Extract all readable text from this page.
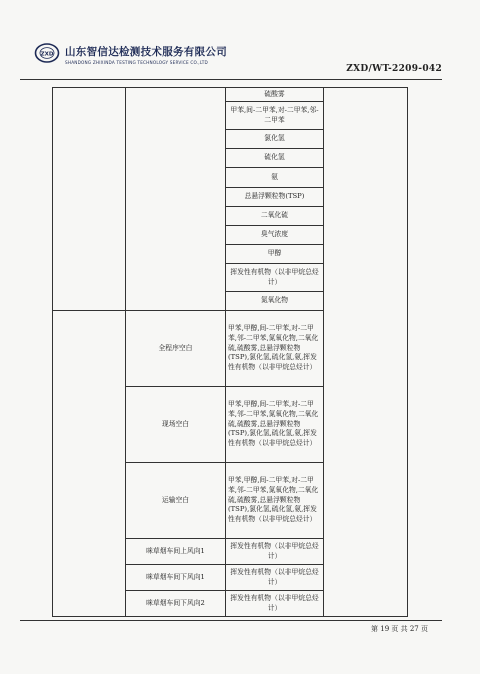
ZXD 山东智信达检测技术服务有限公司
SHANDONG ZHIXINDA TESTING TECHNOLOGY SERVICE CO.,LTD
ZXD/WT-2209-042
		硫酸雾	
		甲苯,间-二甲苯,对-二甲苯,邻-二甲苯	
		氯化氢	
		硫化氢	
		氨	
		总悬浮颗粒物(TSP)	
		二氧化硫	
		臭气浓度	
		甲醇	
		挥发性有机物（以非甲烷总烃计）	
		氮氧化物	
	全程序空白	甲苯,甲醇,间-二甲苯,对-二甲苯,邻-二甲苯,氮氧化物,二氧化硫,硫酸雾,总悬浮颗粒物(TSP),氯化氢,硫化氢,氨,挥发性有机物（以非甲烷总烃计）	
	现场空白	甲苯,甲醇,间-二甲苯,对-二甲苯,邻-二甲苯,氮氧化物,二氧化硫,硫酸雾,总悬浮颗粒物(TSP),氯化氢,硫化氢,氨,挥发性有机物（以非甲烷总烃计）	
	运输空白	甲苯,甲醇,间-二甲苯,对-二甲苯,邻-二甲苯,氮氧化物,二氧化硫,硫酸雾,总悬浮颗粒物(TSP),氯化氢,硫化氢,氨,挥发性有机物（以非甲烷总烃计）	
	咪草烟车间上风向1	挥发性有机物（以非甲烷总烃计）	
	咪草烟车间下风向1	挥发性有机物（以非甲烷总烃计）	
	咪草烟车间下风向2	挥发性有机物（以非甲烷总烃计）	
第 19 页 共 27 页
